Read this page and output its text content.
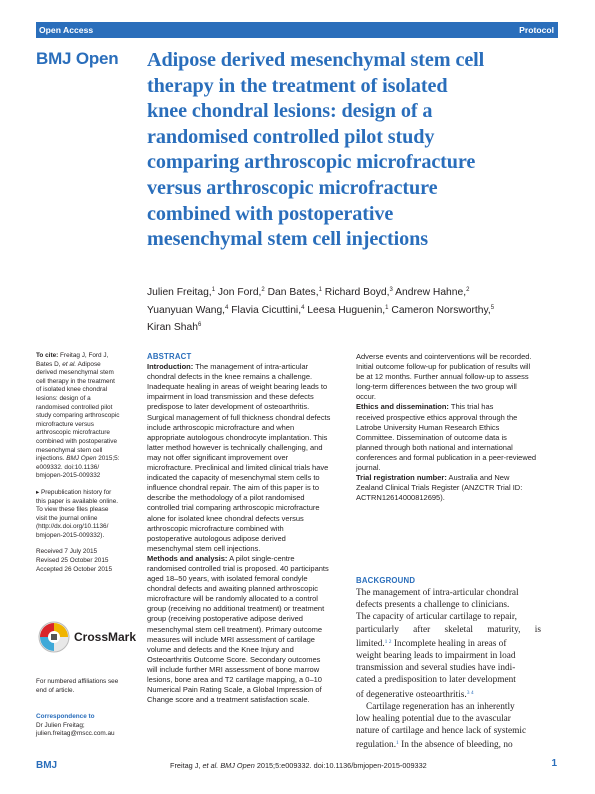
Open Access	Protocol
BMJ Open Adipose derived mesenchymal stem cell
therapy in the treatment of isolated
knee chondral lesions: design of a
randomised controlled pilot study
comparing arthroscopic microfracture
versus arthroscopic microfracture
combined with postoperative
mesenchymal stem cell injections
Julien Freitag,$^1$ Jon Ford,$^2$ Dan Bates,$^1$ Richard Boyd,$^3$ Andrew Hahne,$^2$
Yuanyuan Wang,$^4$ Flavia Cicuttini,$^4$ Leesa Huguenin,$^1$ Cameron Norsworthy,$^5$
Kiran Shah$^6$

To cite: Freitag J, Ford J,

Bates D, et al. Adipose

derived mesenchymal stem

cell therapy in the treatment

of isolated knee chondral

lesions: design of a

randomised controlled pilot

study comparing arthroscopic

microfracture versus

arthroscopic microfracture

combined with postoperative

mesenchymal stem cell

injections. BMJ Open 2015;5:

e009332. doi:10.1136/

bmjopen-2015-009332

▸ Prepublication history for

this paper is available online.

To view these files please

visit the journal online

(http://dx.doi.org/10.1136/

bmjopen-2015-009332).

Received 7 July 2015

Revised 25 October 2015

Accepted 26 October 2015

CrossMark

For numbered affiliations see

end of article.

Correspondence to

Dr Julien Freitag;

julien.freitag@mscc.com.au

ABSTRACT
Introduction: The management of intra-articular
chondral defects in the knee remains a challenge.
Inadequate healing in areas of weight bearing leads to
impairment in load transmission and these defects
predispose to later development of osteoarthritis.
Surgical management of full thickness chondral defects
include arthroscopic microfracture and when
appropriate autologous chondrocyte implantation. This
latter method however is technically challenging, and
may not offer significant improvement over
microfracture. Preclinical and limited clinical trials have
indicated the capacity of mesenchymal stem cells to
influence chondral repair. The aim of this paper is to
describe the methodology of a pilot randomised
controlled trial comparing arthroscopic microfracture
alone for isolated knee chondral defects versus
arthroscopic microfracture combined with
postoperative autologous adipose derived
mesenchymal stem cell injections.
Methods and analysis: A pilot single-centre
randomised controlled trial is proposed. 40 participants
aged 18–50 years, with isolated femoral condyle
chondral defects and awaiting planned arthroscopic
microfracture will be randomly allocated to a control
group (receiving no additional treatment) or treatment
group (receiving postoperative adipose derived
mesenchymal stem cell treatment). Primary outcome
measures will include MRI assessment of cartilage
volume and defects and the Knee Injury and
Osteoarthritis Outcome Score. Secondary outcomes
will include further MRI assessment of bone marrow
lesions, bone area and T2 cartilage mapping, a 0–10
Numerical Pain Rating Scale, a Global Impression of
Change score and a treatment satisfaction scale.
Adverse events and cointerventions will be recorded.
Initial outcome follow-up for publication of results will
be at 12 months. Further annual follow-up to assess
long-term differences between the two group will
occur.
Ethics and dissemination: This trial has
received prospective ethics approval through the
Latrobe University Human Research Ethics
Committee. Dissemination of outcome data is
planned through both national and international
conferences and formal publication in a peer-reviewed
journal.
Trial registration number: Australia and New
Zealand Clinical Trials Register (ANZCTR Trial ID:
ACTRN12614000812695).
BACKGROUND
The management of intra-articular chondral
defects presents a challenge to clinicians.
The capacity of articular cartilage to repair,
particularly after skeletal maturity, is
limited.$^{1 2}$ Incomplete healing in areas of
weight bearing leads to impairment in load
transmission and several studies have indi-
cated a predisposition to later development
of degenerative osteoarthritis.$^{3 4}$
Cartilage regeneration has an inherently
low healing potential due to the avascular
nature of cartilage and hence lack of systemic
regulation.$^1$ In the absence of bleeding, no
BMJ	Freitag J, et al. BMJ Open 2015;5:e009332. doi:10.1136/bmjopen-2015-009332	1
